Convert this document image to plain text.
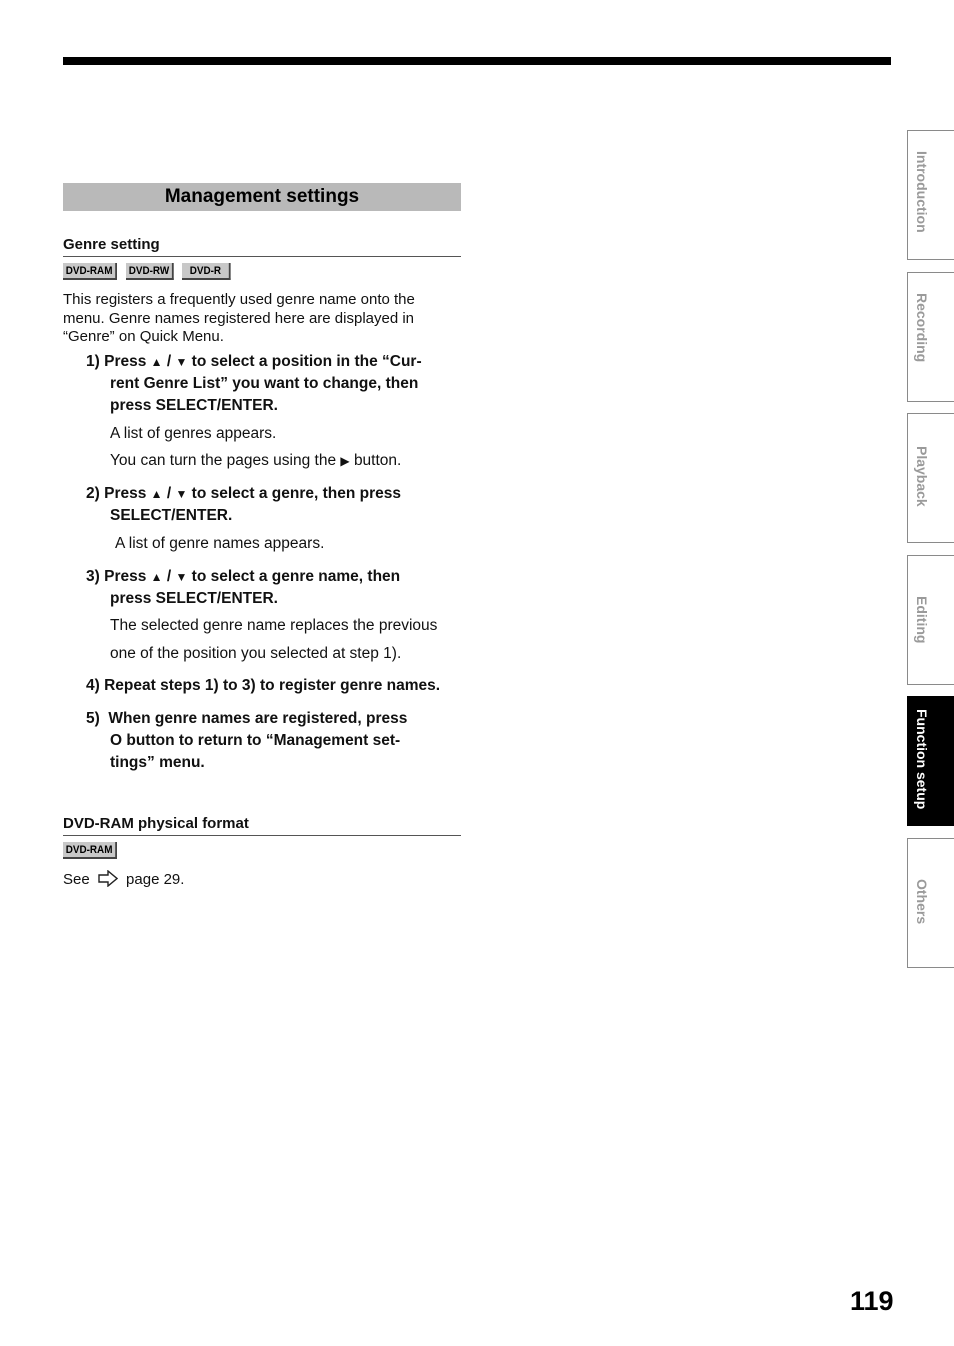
Management settings
Genre setting
DVD-RAM	DVD-RW	DVD-R
This registers a frequently used genre name onto the
menu. Genre names registered here are displayed in
“Genre” on Quick Menu.
1) Press ▲ / ▼ to select a position in the “Cur-
rent Genre List” you want to change, then
press SELECT/ENTER.
A list of genres appears.
You can turn the pages using the ▶ button.
2) Press ▲ / ▼ to select a genre, then press
SELECT/ENTER.
A list of genre names appears.
3) Press ▲ / ▼ to select a genre name, then
press SELECT/ENTER.
The selected genre name replaces the previous
one of the position you selected at step 1).
4) Repeat steps 1) to 3) to register genre names.
5) When genre names are registered, press
O button to return to “Management set-
tings” menu.
DVD-RAM physical format
DVD-RAM
See page 29.
Introduction
Recording
Playback
Editing
Function setup
Others
119
